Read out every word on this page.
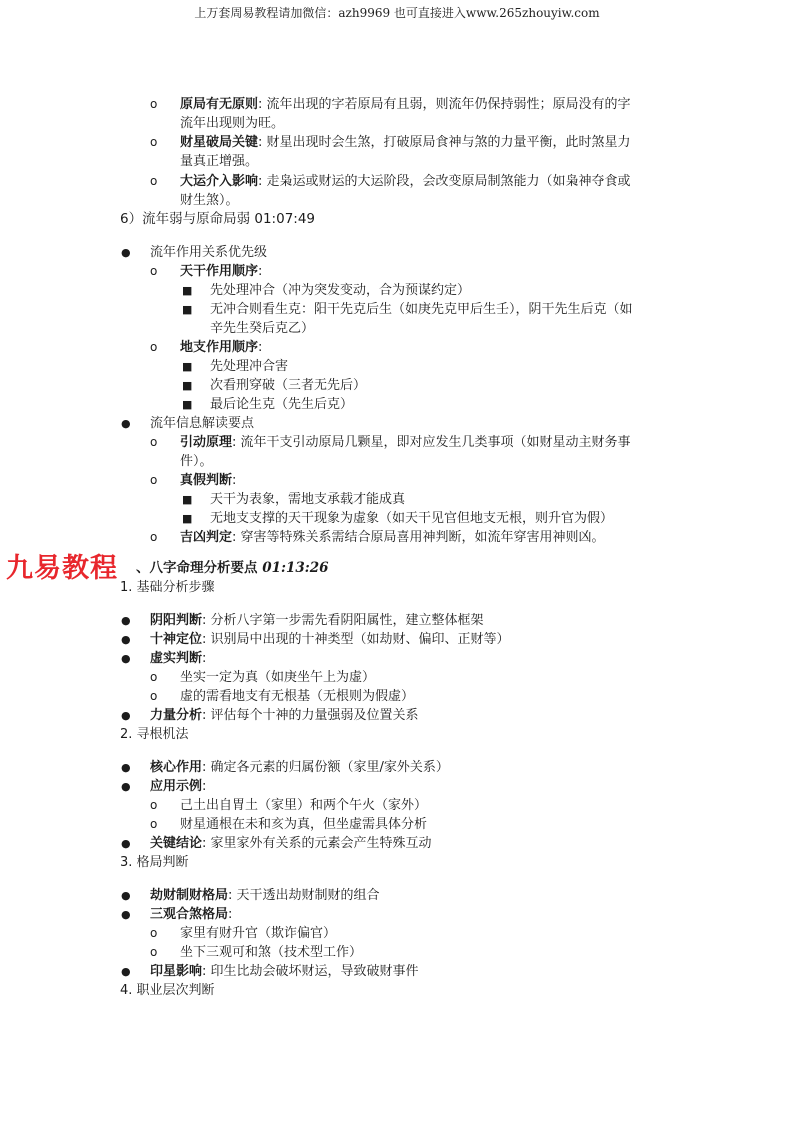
上万套周易教程请加微信：azh9969 也可直接进入www.265zhouyiw.com
o 原局有无原则: 流年出现的字若原局有且弱，则流年仍保持弱性；原局没有的字
流年出现则为旺。
o 财星破局关键: 财星出现时会生煞，打破原局食神与煞的力量平衡，此时煞星力
量真正增强。
o 大运介入影响: 走枭运或财运的大运阶段，会改变原局制煞能力（如枭神夺食或
财生煞）。
6）流年弱与原命局弱 01:07:49
● 流年作用关系优先级
o 天干作用顺序:
■ 先处理冲合（冲为突发变动，合为预谋约定）
■ 无冲合则看生克：阳干先克后生（如庚先克甲后生壬），阴干先生后克（如
辛先生癸后克乙）
o 地支作用顺序:
■ 先处理冲合害
■ 次看刑穿破（三者无先后）
■ 最后论生克（先生后克）
● 流年信息解读要点
o 引动原理: 流年干支引动原局几颗星，即对应发生几类事项（如财星动主财务事
件）。
o 真假判断:
■ 天干为表象，需地支承载才能成真
■ 无地支支撑的天干现象为虚象（如天干见官但地支无根，则升官为假）
o 吉凶判定: 穿害等特殊关系需结合原局喜用神判断，如流年穿害用神则凶。
、八字命理分析要点 01:13:26
1. 基础分析步骤
● 阴阳判断: 分析八字第一步需先看阴阳属性，建立整体框架
● 十神定位: 识别局中出现的十神类型（如劫财、偏印、正财等）
● 虚实判断:
o 坐实一定为真（如庚坐午上为虚）
o 虚的需看地支有无根基（无根则为假虚）
● 力量分析: 评估每个十神的力量强弱及位置关系
2. 寻根机法
● 核心作用: 确定各元素的归属份额（家里/家外关系）
● 应用示例:
o 己土出自胃土（家里）和两个午火（家外）
o 财星通根在未和亥为真，但坐虚需具体分析
● 关键结论: 家里家外有关系的元素会产生特殊互动
3. 格局判断
● 劫财制财格局: 天干透出劫财制财的组合
● 三观合煞格局:
o 家里有财升官（欺诈偏官）
o 坐下三观可和煞（技术型工作）
● 印星影响: 印生比劫会破坏财运，导致破财事件
4. 职业层次判断
九易教程
